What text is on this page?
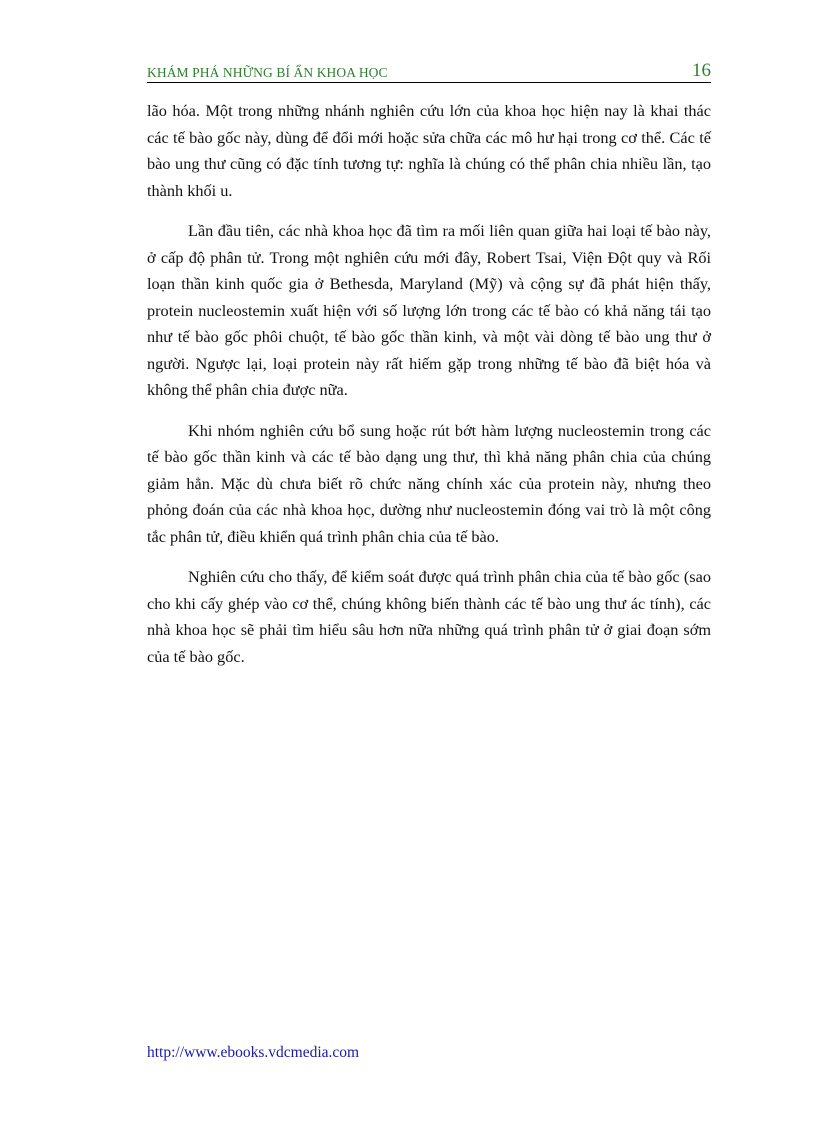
KHÁM PHÁ NHỮNG BÍ ẨN KHOA HỌC	16

lão hóa. Một trong những nhánh nghiên cứu lớn của khoa học hiện nay là khai thác các tế bào gốc này, dùng để đổi mới hoặc sửa chữa các mô hư hại trong cơ thể. Các tế bào ung thư cũng có đặc tính tương tự: nghĩa là chúng có thể phân chia nhiều lần, tạo thành khối u.

Lần đầu tiên, các nhà khoa học đã tìm ra mối liên quan giữa hai loại tế bào này, ở cấp độ phân tử. Trong một nghiên cứu mới đây, Robert Tsai, Viện Đột quy và Rối loạn thần kinh quốc gia ở Bethesda, Maryland (Mỹ) và cộng sự đã phát hiện thấy, protein nucleostemin xuất hiện với số lượng lớn trong các tế bào có khả năng tái tạo như tế bào gốc phôi chuột, tế bào gốc thần kinh, và một vài dòng tế bào ung thư ở người. Ngược lại, loại protein này rất hiếm gặp trong những tế bào đã biệt hóa và không thể phân chia được nữa.

Khi nhóm nghiên cứu bổ sung hoặc rút bớt hàm lượng nucleostemin trong các tế bào gốc thần kinh và các tế bào dạng ung thư, thì khả năng phân chia của chúng giảm hẳn. Mặc dù chưa biết rõ chức năng chính xác của protein này, nhưng theo phỏng đoán của các nhà khoa học, dường như nucleostemin đóng vai trò là một công tắc phân tử, điều khiển quá trình phân chia của tế bào.

Nghiên cứu cho thấy, để kiểm soát được quá trình phân chia của tế bào gốc (sao cho khi cấy ghép vào cơ thể, chúng không biến thành các tế bào ung thư ác tính), các nhà khoa học sẽ phải tìm hiểu sâu hơn nữa những quá trình phân tử ở giai đoạn sớm của tế bào gốc.

http://www.ebooks.vdcmedia.com
